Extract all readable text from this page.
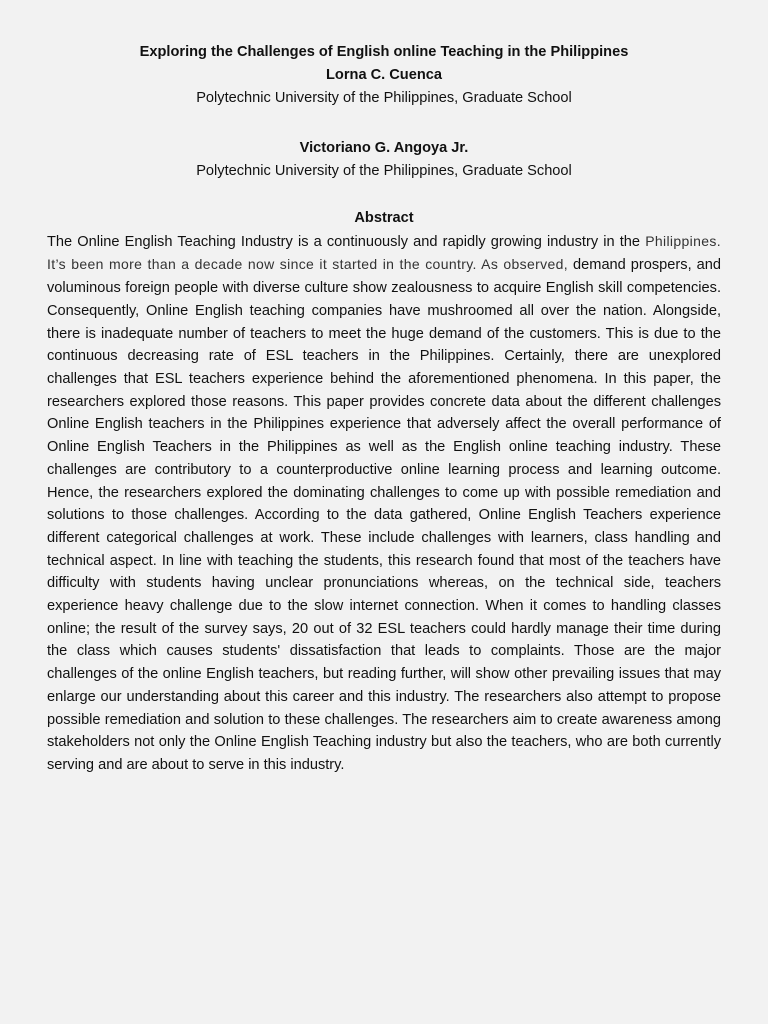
Exploring the Challenges of English online Teaching in the Philippines

Lorna C. Cuenca

Polytechnic University of the Philippines, Graduate School

Victoriano G. Angoya Jr.

Polytechnic University of the Philippines, Graduate School

Abstract

The Online English Teaching Industry is a continuously and rapidly growing industry in the Philippines. It’s been more than a decade now since it started in the country. As observed, demand prospers, and voluminous foreign people with diverse culture show zealousness to acquire English skill competencies. Consequently, Online English teaching companies have mushroomed all over the nation. Alongside, there is inadequate number of teachers to meet the huge demand of the customers. This is due to the continuous decreasing rate of ESL teachers in the Philippines. Certainly, there are unexplored challenges that ESL teachers experience behind the aforementioned phenomena. In this paper, the researchers explored those reasons. This paper provides concrete data about the different challenges Online English teachers in the Philippines experience that adversely affect the overall performance of Online English Teachers in the Philippines as well as the English online teaching industry. These challenges are contributory to a counterproductive online learning process and learning outcome. Hence, the researchers explored the dominating challenges to come up with possible remediation and solutions to those challenges. According to the data gathered, Online English Teachers experience different categorical challenges at work. These include challenges with learners, class handling and technical aspect. In line with teaching the students, this research found that most of the teachers have difficulty with students having unclear pronunciations whereas, on the technical side, teachers experience heavy challenge due to the slow internet connection. When it comes to handling classes online; the result of the survey says, 20 out of 32 ESL teachers could hardly manage their time during the class which causes students' dissatisfaction that leads to complaints. Those are the major challenges of the online English teachers, but reading further, will show other prevailing issues that may enlarge our understanding about this career and this industry. The researchers also attempt to propose possible remediation and solution to these challenges. The researchers aim to create awareness among stakeholders not only the Online English Teaching industry but also the teachers, who are both currently serving and are about to serve in this industry.
